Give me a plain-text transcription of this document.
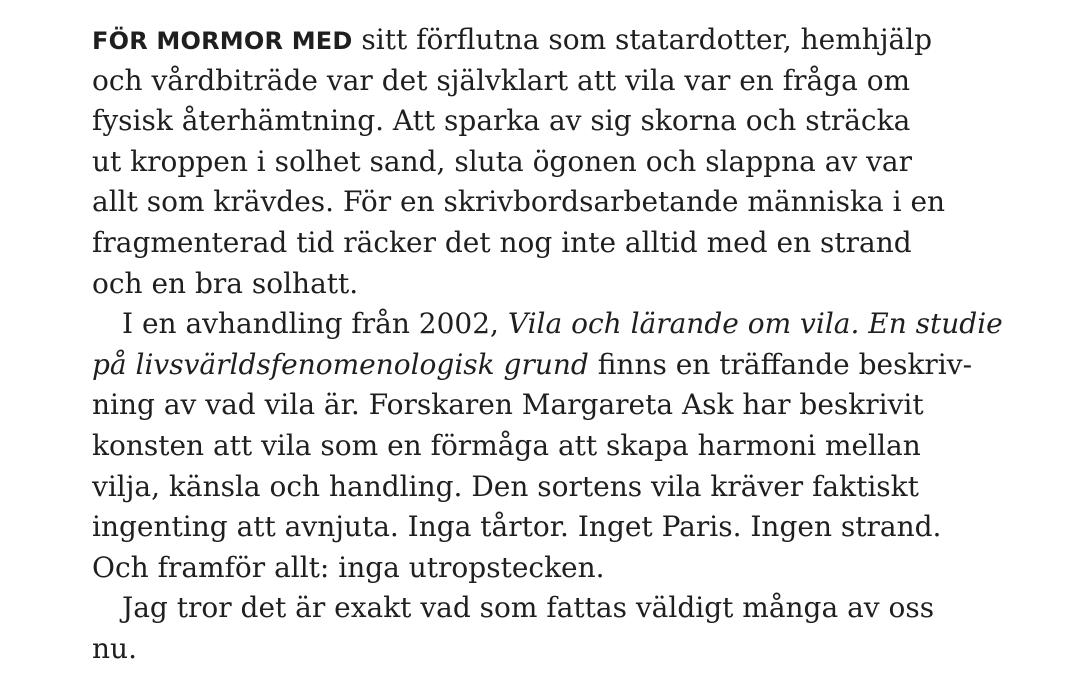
FÖR MORMOR MED sitt förflutna som statardotter, hemhjälp
och vårdbiträde var det självklart att vila var en fråga om
fysisk återhämtning. Att sparka av sig skorna och sträcka
ut kroppen i solhet sand, sluta ögonen och slappna av var
allt som krävdes. För en skrivbordsarbetande människa i en
fragmenterad tid räcker det nog inte alltid med en strand
och en bra solhatt.
I en avhandling från 2002, Vila och lärande om vila. En studie
på livsvärldsfenomenologisk grund finns en träffande beskriv-
ning av vad vila är. Forskaren Margareta Ask har beskrivit
konsten att vila som en förmåga att skapa harmoni mellan
vilja, känsla och handling. Den sortens vila kräver faktiskt
ingenting att avnjuta. Inga tårtor. Inget Paris. Ingen strand.
Och framför allt: inga utropstecken.
Jag tror det är exakt vad som fattas väldigt många av oss
nu.
